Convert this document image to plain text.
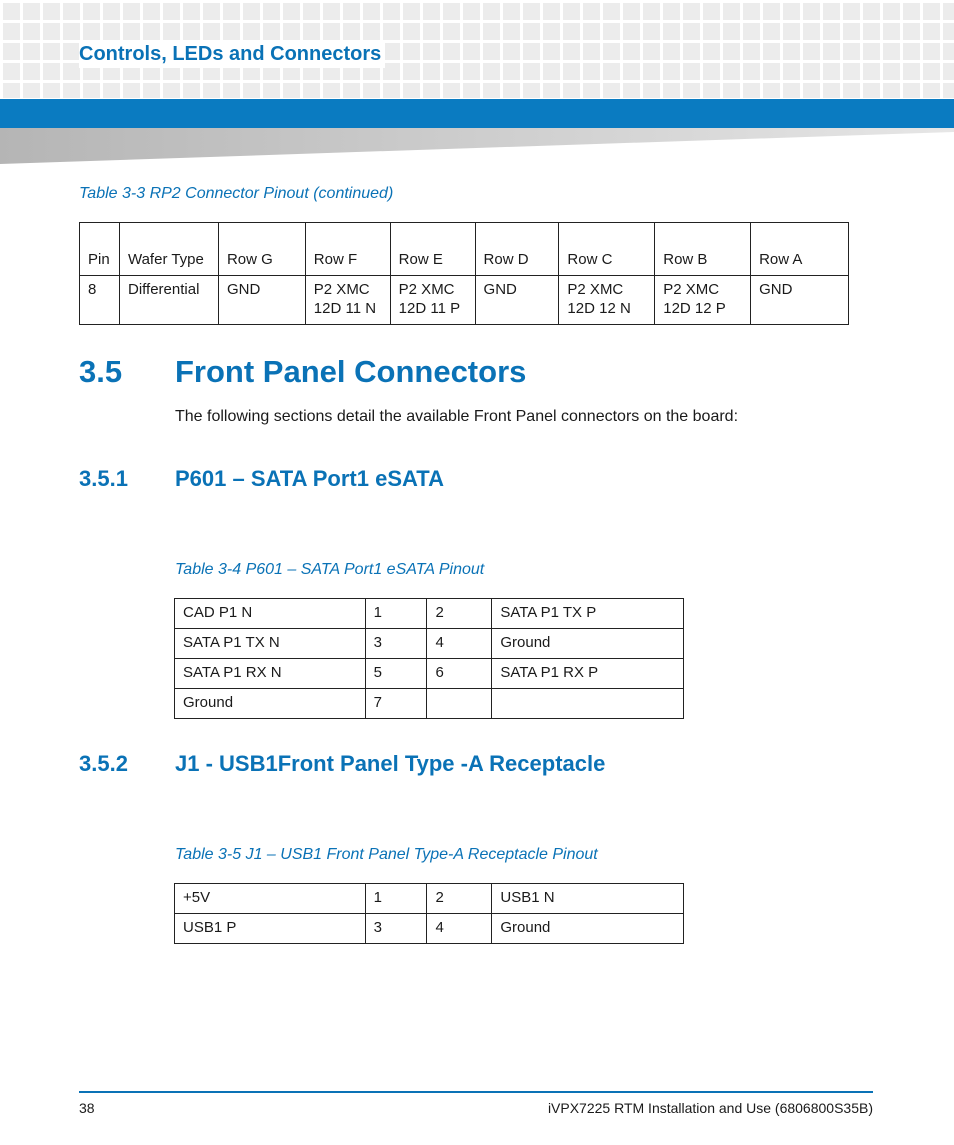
Controls, LEDs and Connectors
Table 3-3 RP2 Connector Pinout (continued)
Pin	Wafer Type	Row G	Row F	Row E	Row D	Row C	Row B	Row A
8	Differential	GND	P2 XMC 12D 11 N	P2 XMC 12D 11 P	GND	P2 XMC 12D 12 N	P2 XMC 12D 12 P	GND
3.5 Front Panel Connectors
The following sections detail the available Front Panel connectors on the board:
3.5.1 P601 – SATA Port1 eSATA
Table 3-4 P601 – SATA Port1 eSATA Pinout
CAD P1 N	1	2	SATA P1 TX P
SATA P1 TX N	3	4	Ground
SATA P1 RX N	5	6	SATA P1 RX P
Ground	7		
3.5.2 J1 - USB1Front Panel Type -A Receptacle
Table 3-5 J1 – USB1 Front Panel Type-A Receptacle Pinout
+5V	1	2	USB1 N
USB1 P	3	4	Ground
38	iVPX7225 RTM Installation and Use (6806800S35B)
